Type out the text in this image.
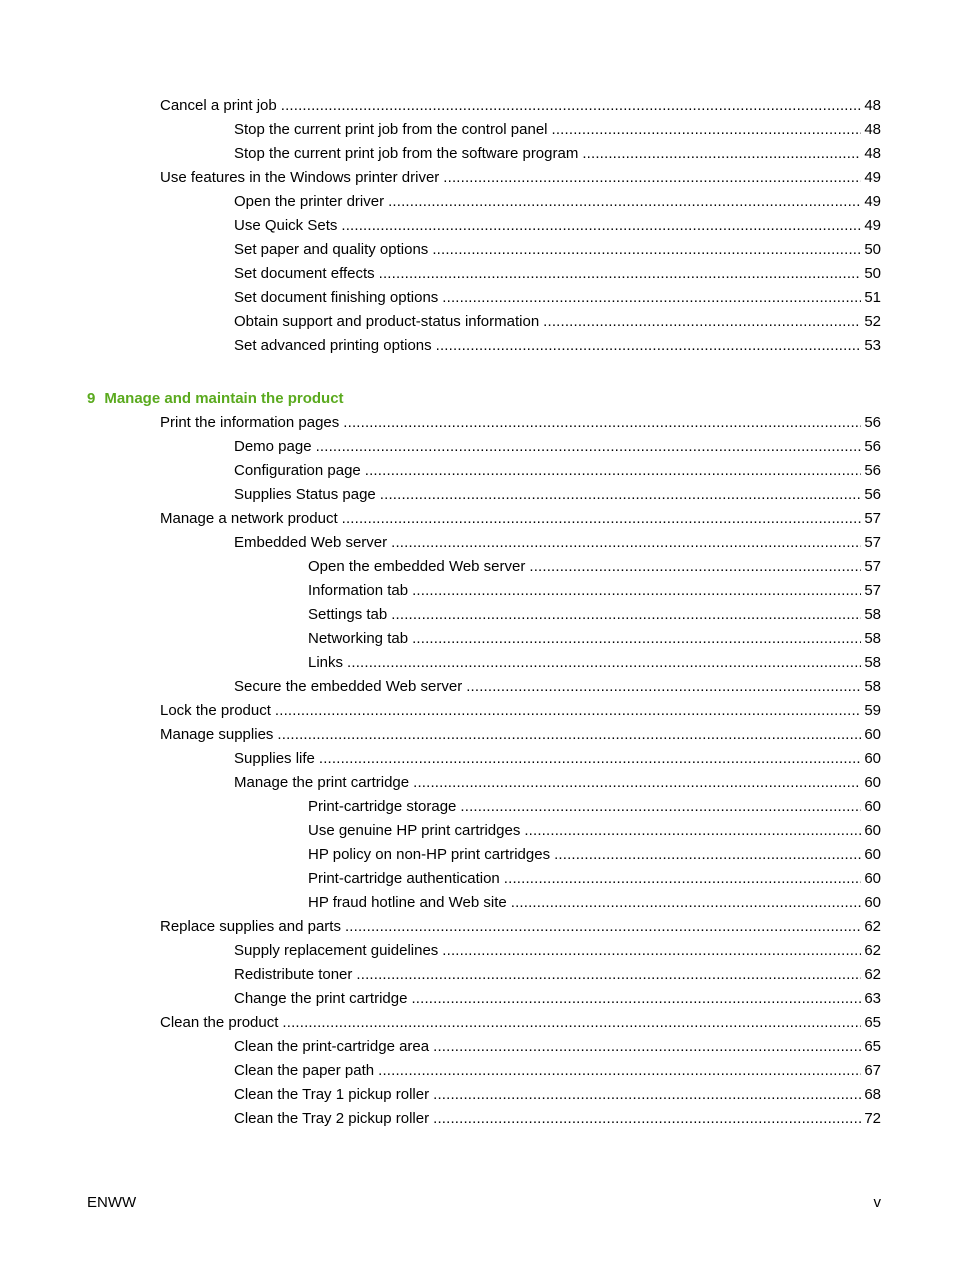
Cancel a print job . . .	48
Stop the current print job from the control panel . . .	48
Stop the current print job from the software program . . .	48
Use features in the Windows printer driver . . .	49
Open the printer driver . . .	49
Use Quick Sets . . .	49
Set paper and quality options . . .	50
Set document effects . . .	50
Set document finishing options . . .	51
Obtain support and product-status information . . .	52
Set advanced printing options . . .	53
9 Manage and maintain the product
Print the information pages . . .	56
Demo page . . .	56
Configuration page . . .	56
Supplies Status page . . .	56
Manage a network product . . .	57
Embedded Web server . . .	57
Open the embedded Web server . . .	57
Information tab . . .	57
Settings tab . . .	58
Networking tab . . .	58
Links . . .	58
Secure the embedded Web server . . .	58
Lock the product . . .	59
Manage supplies . . .	60
Supplies life . . .	60
Manage the print cartridge . . .	60
Print-cartridge storage . . .	60
Use genuine HP print cartridges . . .	60
HP policy on non-HP print cartridges . . .	60
Print-cartridge authentication . . .	60
HP fraud hotline and Web site . . .	60
Replace supplies and parts . . .	62
Supply replacement guidelines . . .	62
Redistribute toner . . .	62
Change the print cartridge . . .	63
Clean the product . . .	65
Clean the print-cartridge area . . .	65
Clean the paper path . . .	67
Clean the Tray 1 pickup roller . . .	68
Clean the Tray 2 pickup roller . . .	72
ENWW	v
